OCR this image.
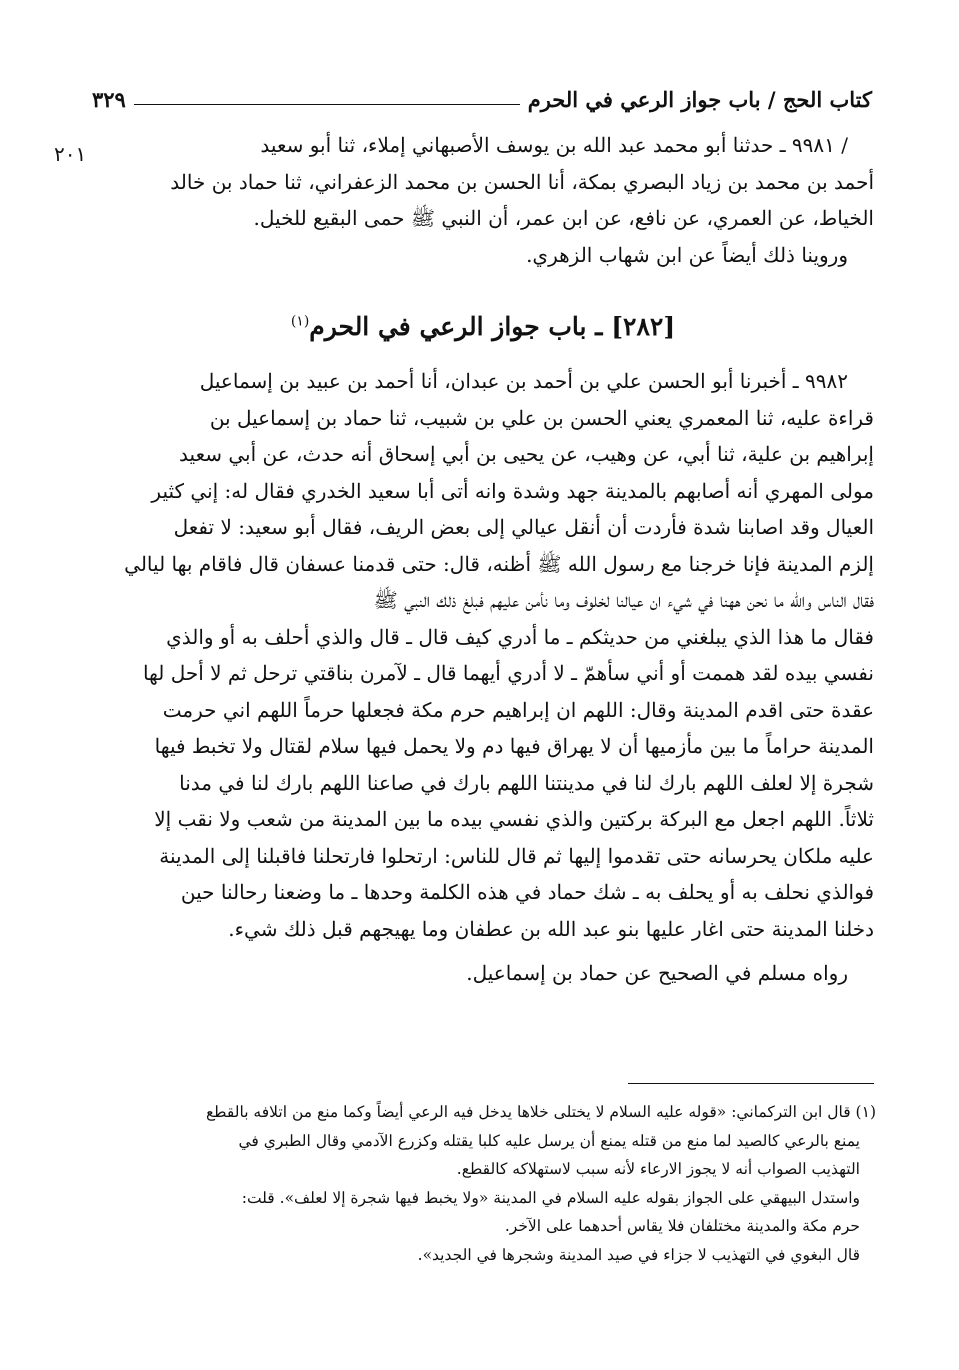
كتاب الحج / باب جواز الرعي في الحرم
٣٢٩
٢٠١	/ ٩٩٨١ ـ حدثنا أبو محمد عبد الله بن يوسف الأصبهاني إملاء، ثنا أبو سعيد
أحمد بن محمد بن زياد البصري بمكة، أنا الحسن بن محمد الزعفراني، ثنا حماد بن خالد
الخياط، عن العمري، عن نافع، عن ابن عمر، أن النبي ﷺ حمى البقيع للخيل.
وروينا ذلك أيضاً عن ابن شهاب الزهري.
[٢٨٢] ـ باب جواز الرعي في الحرم$^{(١)}$
٩٩٨٢ ـ أخبرنا أبو الحسن علي بن أحمد بن عبدان، أنا أحمد بن عبيد بن إسماعيل
قراءة عليه، ثنا المعمري يعني الحسن بن علي بن شبيب، ثنا حماد بن إسماعيل بن
إبراهيم بن علية، ثنا أبي، عن وهيب، عن يحيى بن أبي إسحاق أنه حدث، عن أبي سعيد
مولى المهري أنه أصابهم بالمدينة جهد وشدة وانه أتى أبا سعيد الخدري فقال له: إني كثير
العيال وقد اصابنا شدة فأردت أن أنقل عيالي إلى بعض الريف، فقال أبو سعيد: لا تفعل
إلزم المدينة فإنا خرجنا مع رسول الله ﷺ أظنه، قال: حتى قدمنا عسفان قال فاقام بها ليالي
فقال الناس والله ما نحن ههنا في شيء ان عيالنا لخلوف وما نأمن عليهم فبلغ ذلك النبي ﷺ
فقال ما هذا الذي يبلغني من حديثكم ـ ما أدري كيف قال ـ قال والذي أحلف به أو والذي
نفسي بيده لقد هممت أو أني سأهمّ ـ لا أدري أيهما قال ـ لآمرن بناقتي ترحل ثم لا أحل لها
عقدة حتى اقدم المدينة وقال: اللهم ان إبراهيم حرم مكة فجعلها حرماً اللهم اني حرمت
المدينة حراماً ما بين مأزميها أن لا يهراق فيها دم ولا يحمل فيها سلام لقتال ولا تخبط فيها
شجرة إلا لعلف اللهم بارك لنا في مدينتنا اللهم بارك في صاعنا اللهم بارك لنا في مدنا
ثلاثاً. اللهم اجعل مع البركة بركتين والذي نفسي بيده ما بين المدينة من شعب ولا نقب إلا
عليه ملكان يحرسانه حتى تقدموا إليها ثم قال للناس: ارتحلوا فارتحلنا فاقبلنا إلى المدينة
فوالذي نحلف به أو يحلف به ـ شك حماد في هذه الكلمة وحدها ـ ما وضعنا رحالنا حين
دخلنا المدينة حتى اغار عليها بنو عبد الله بن عطفان وما يهيجهم قبل ذلك شيء.
رواه مسلم في الصحيح عن حماد بن إسماعيل.
(١) قال ابن التركماني: «قوله عليه السلام لا يختلى خلاها يدخل فيه الرعي أيضاً وكما منع من اتلافه بالقطع
يمنع بالرعي كالصيد لما منع من قتله يمنع أن يرسل عليه كلبا يقتله وكزرع الآدمي وقال الطبري في
التهذيب الصواب أنه لا يجوز الارعاء لأنه سبب لاستهلاكه كالقطع.
واستدل البيهقي على الجواز بقوله عليه السلام في المدينة «ولا يخبط فيها شجرة إلا لعلف». قلت:
حرم مكة والمدينة مختلفان فلا يقاس أحدهما على الآخر.
قال البغوي في التهذيب لا جزاء في صيد المدينة وشجرها في الجديد».
